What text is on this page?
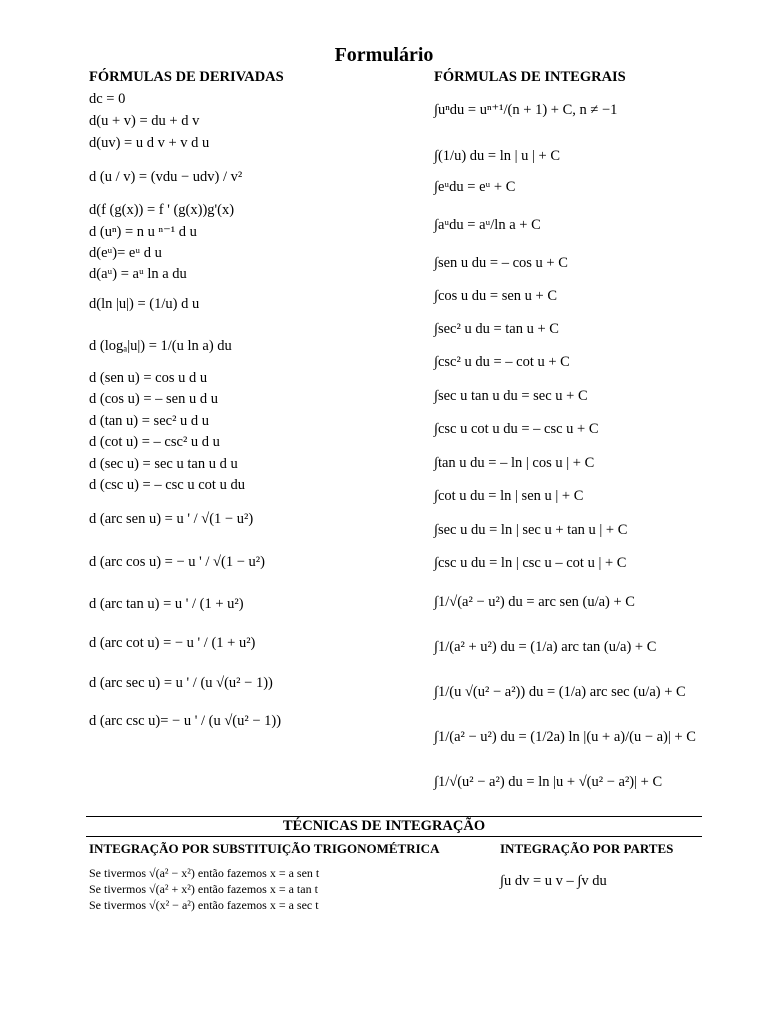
Formulário
FÓRMULAS DE DERIVADAS
dc = 0
d(u + v) = du + d v
d(uv) = u d v + v d u
d (u / v) = (vdu − udv) / v²
d(f (g(x)) = f ' (g(x))g'(x)
d (uⁿ) = n u ⁿ⁻¹ d u
d(eᵘ)= eᵘ d u
d(aᵘ) = aᵘ ln a du
d(ln |u|) = (1/u) d u
d (logₐ|u|) = 1/(u ln a) du
d (sen u) = cos u d u
d (cos u) = – sen u d u
d (tan u) = sec² u d u
d (cot u) = – csc² u d u
d (sec u) = sec u tan u d u
d (csc u) = – csc u cot u du
d (arc sen u) = u ' / √(1 − u²)
d (arc cos u) = − u ' / √(1 − u²)
d (arc tan u) = u ' / (1 + u²)
d (arc cot u) = − u ' / (1 + u²)
d (arc sec u) = u ' / (u √(u² − 1))
d (arc csc u)= − u ' / (u √(u² − 1))
FÓRMULAS DE INTEGRAIS
∫uⁿdu = uⁿ⁺¹/(n + 1) + C, n ≠ −1
∫(1/u) du = ln | u | + C
∫eᵘdu = eᵘ + C
∫aᵘdu = aᵘ/ln a + C
∫sen u du = – cos u + C
∫cos u du = sen u + C
∫sec² u du = tan u + C
∫csc² u du = – cot u + C
∫sec u tan u du = sec u + C
∫csc u cot u du = – csc u + C
∫tan u du = – ln | cos u | + C
∫cot u du = ln | sen u | + C
∫sec u du = ln | sec u + tan u | + C
∫csc u du = ln | csc u – cot u | + C
∫1/√(a² − u²) du = arc sen (u/a) + C
∫1/(a² + u²) du = (1/a) arc tan (u/a) + C
∫1/(u √(u² − a²)) du = (1/a) arc sec (u/a) + C
∫1/(a² − u²) du = (1/2a) ln |(u + a)/(u − a)| + C
∫1/√(u² − a²) du = ln |u + √(u² − a²)| + C
TÉCNICAS DE INTEGRAÇÃO
INTEGRAÇÃO POR SUBSTITUIÇÃO TRIGONOMÉTRICA
Se tivermos √(a² − x²) então fazemos x = a sen t
Se tivermos √(a² + x²) então fazemos x = a tan t
Se tivermos √(x² − a²) então fazemos x = a sec t
INTEGRAÇÃO POR PARTES
∫u dv = u v – ∫v du
